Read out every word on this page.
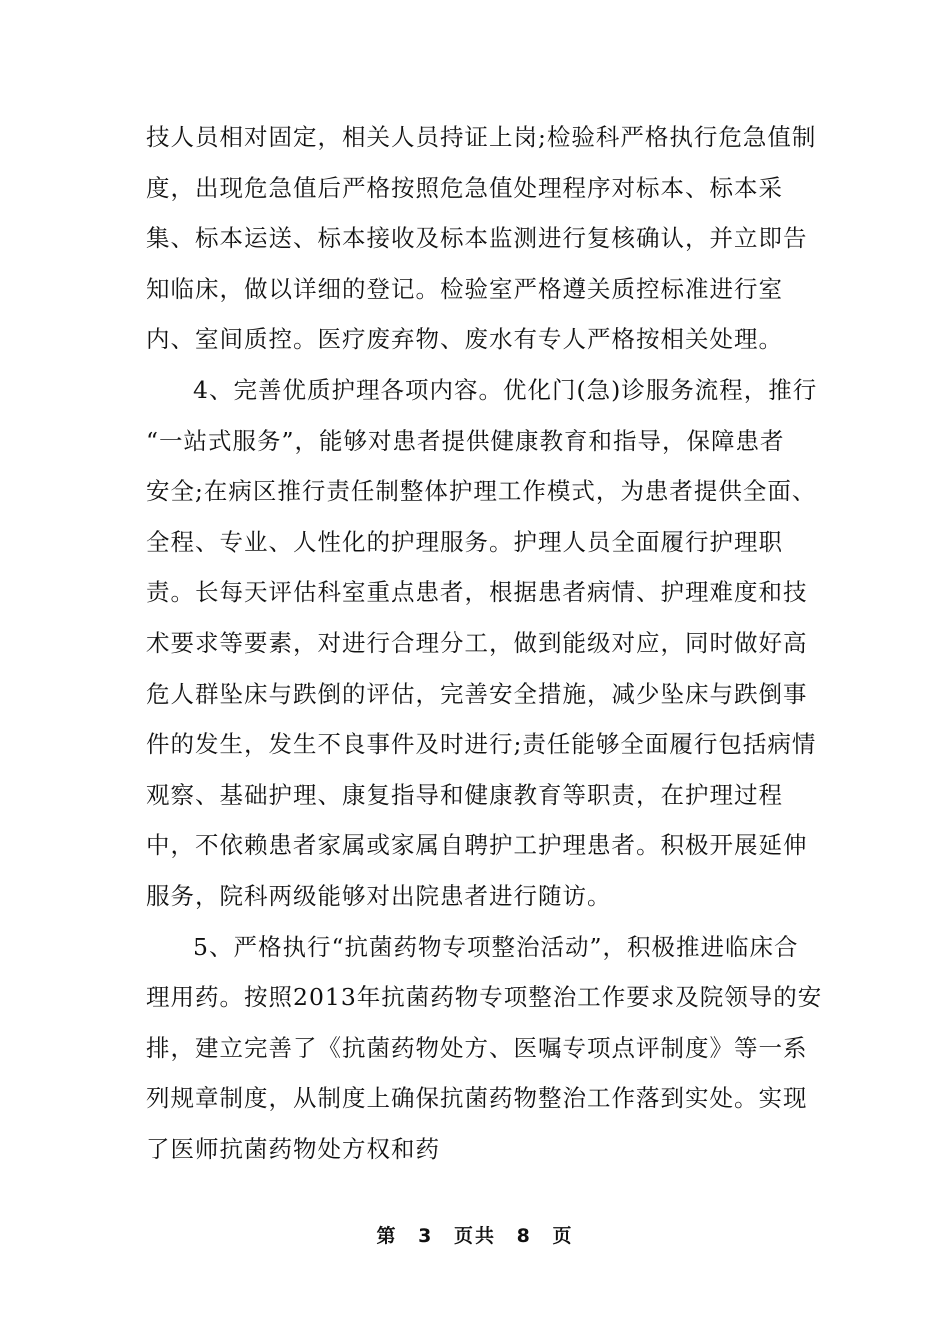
技人员相对固定，相关人员持证上岗;检验科严格执行危急值制
度，出现危急值后严格按照危急值处理程序对标本、标本采
集、标本运送、标本接收及标本监测进行复核确认，并立即告
知临床，做以详细的登记。检验室严格遵关质控标准进行室
内、室间质控。医疗废弃物、废水有专人严格按相关处理。
4、完善优质护理各项内容。优化门(急)诊服务流程，推行
“一站式服务”，能够对患者提供健康教育和指导，保障患者
安全;在病区推行责任制整体护理工作模式，为患者提供全面、
全程、专业、人性化的护理服务。护理人员全面履行护理职
责。长每天评估科室重点患者，根据患者病情、护理难度和技
术要求等要素，对进行合理分工，做到能级对应，同时做好高
危人群坠床与跌倒的评估，完善安全措施，减少坠床与跌倒事
件的发生，发生不良事件及时进行;责任能够全面履行包括病情
观察、基础护理、康复指导和健康教育等职责，在护理过程
中，不依赖患者家属或家属自聘护工护理患者。积极开展延伸
服务，院科两级能够对出院患者进行随访。
5、严格执行“抗菌药物专项整治活动”，积极推进临床合
理用药。按照2013年抗菌药物专项整治工作要求及院领导的安
排，建立完善了《抗菌药物处方、医嘱专项点评制度》等一系
列规章制度，从制度上确保抗菌药物整治工作落到实处。实现
了医师抗菌药物处方权和药
第 3 页共 8 页
